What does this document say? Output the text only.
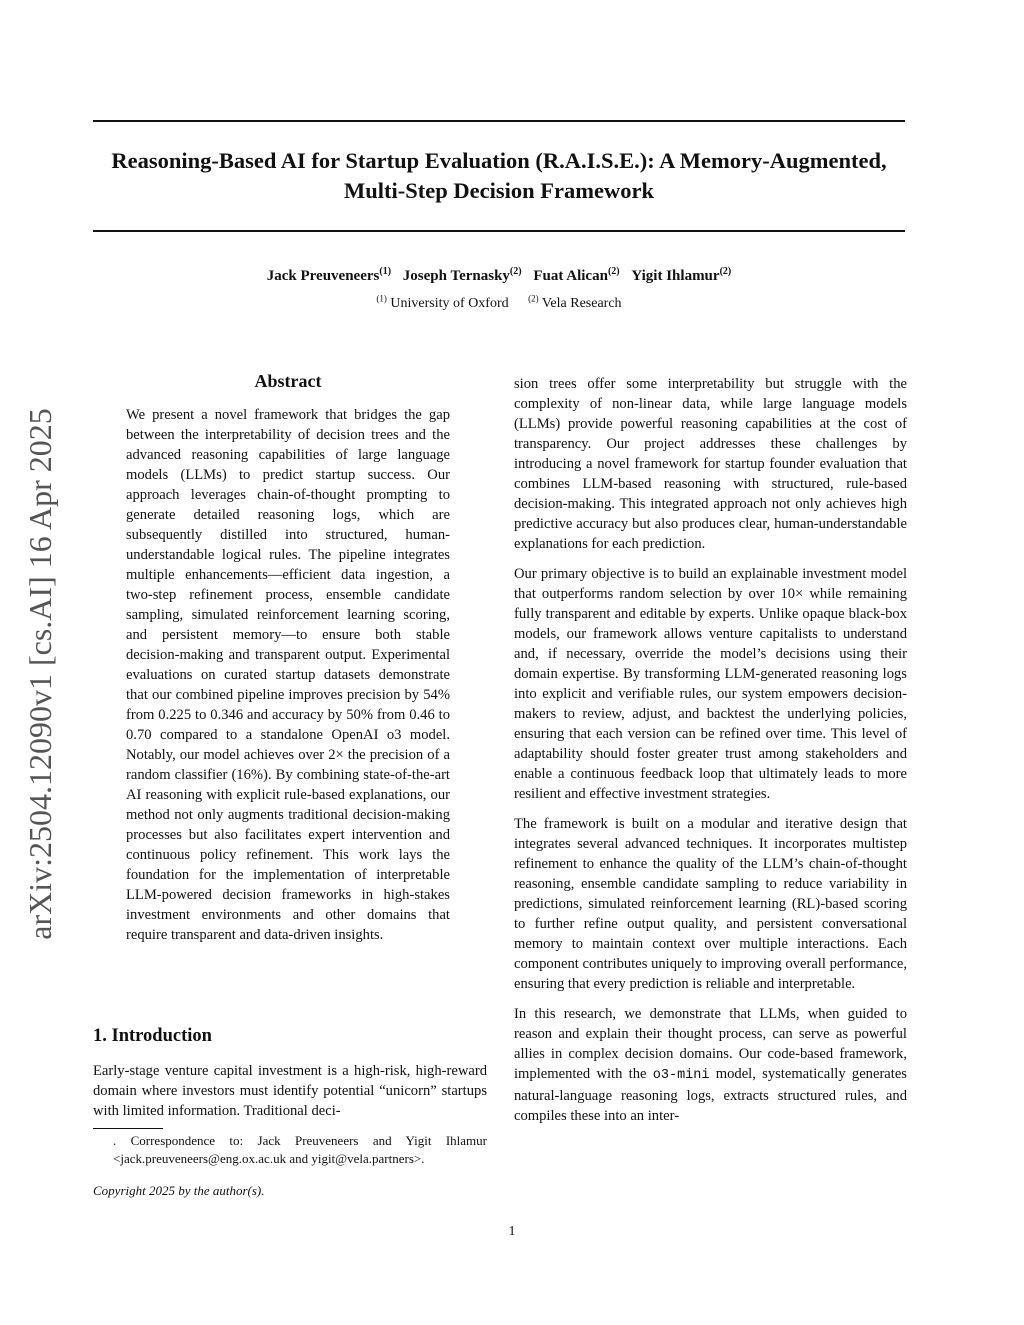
Reasoning-Based AI for Startup Evaluation (R.A.I.S.E.): A Memory-Augmented,
Multi-Step Decision Framework
Jack Preuveneers$^{(1)}$ Joseph Ternasky$^{(2)}$ Fuat Alican$^{(2)}$ Yigit Ihlamur$^{(2)}$
$^{(1)}$ University of Oxford $^{(2)}$ Vela Research
arXiv:2504.12090v1 [cs.AI] 16 Apr 2025
Abstract

We present a novel framework that bridges the gap between the interpretability of decision trees and the advanced reasoning capabilities of large language models (LLMs) to predict startup success. Our approach leverages chain-of-thought prompting to generate detailed reasoning logs, which are subsequently distilled into structured, human-understandable logical rules. The pipeline integrates multiple enhancements—efficient data ingestion, a two-step refinement process, ensemble candidate sampling, simulated reinforcement learning scoring, and persistent memory—to ensure both stable decision-making and transparent output. Experimental evaluations on curated startup datasets demonstrate that our combined pipeline improves precision by 54% from 0.225 to 0.346 and accuracy by 50% from 0.46 to 0.70 compared to a standalone OpenAI o3 model. Notably, our model achieves over 2× the precision of a random classifier (16%). By combining state-of-the-art AI reasoning with explicit rule-based explanations, our method not only augments traditional decision-making processes but also facilitates expert intervention and continuous policy refinement. This work lays the foundation for the implementation of interpretable LLM-powered decision frameworks in high-stakes investment environments and other domains that require transparent and data-driven insights.

1. Introduction

Early-stage venture capital investment is a high-risk, high-reward domain where investors must identify potential “unicorn” startups with limited information. Traditional deci-

. Correspondence to: Jack Preuveneers and Yigit Ihlamur <jack.preuveneers@eng.ox.ac.uk and yigit@vela.partners>.
Copyright 2025 by the author(s).

sion trees offer some interpretability but struggle with the complexity of non-linear data, while large language models (LLMs) provide powerful reasoning capabilities at the cost of transparency. Our project addresses these challenges by introducing a novel framework for startup founder evaluation that combines LLM-based reasoning with structured, rule-based decision-making. This integrated approach not only achieves high predictive accuracy but also produces clear, human-understandable explanations for each prediction.

Our primary objective is to build an explainable investment model that outperforms random selection by over 10× while remaining fully transparent and editable by experts. Unlike opaque black-box models, our framework allows venture capitalists to understand and, if necessary, override the model’s decisions using their domain expertise. By transforming LLM-generated reasoning logs into explicit and verifiable rules, our system empowers decision-makers to review, adjust, and backtest the underlying policies, ensuring that each version can be refined over time. This level of adaptability should foster greater trust among stakeholders and enable a continuous feedback loop that ultimately leads to more resilient and effective investment strategies.

The framework is built on a modular and iterative design that integrates several advanced techniques. It incorporates multistep refinement to enhance the quality of the LLM’s chain-of-thought reasoning, ensemble candidate sampling to reduce variability in predictions, simulated reinforcement learning (RL)-based scoring to further refine output quality, and persistent conversational memory to maintain context over multiple interactions. Each component contributes uniquely to improving overall performance, ensuring that every prediction is reliable and interpretable.

In this research, we demonstrate that LLMs, when guided to reason and explain their thought process, can serve as powerful allies in complex decision domains. Our code-based framework, implemented with the o3-mini model, systematically generates natural-language reasoning logs, extracts structured rules, and compiles these into an inter-

1
